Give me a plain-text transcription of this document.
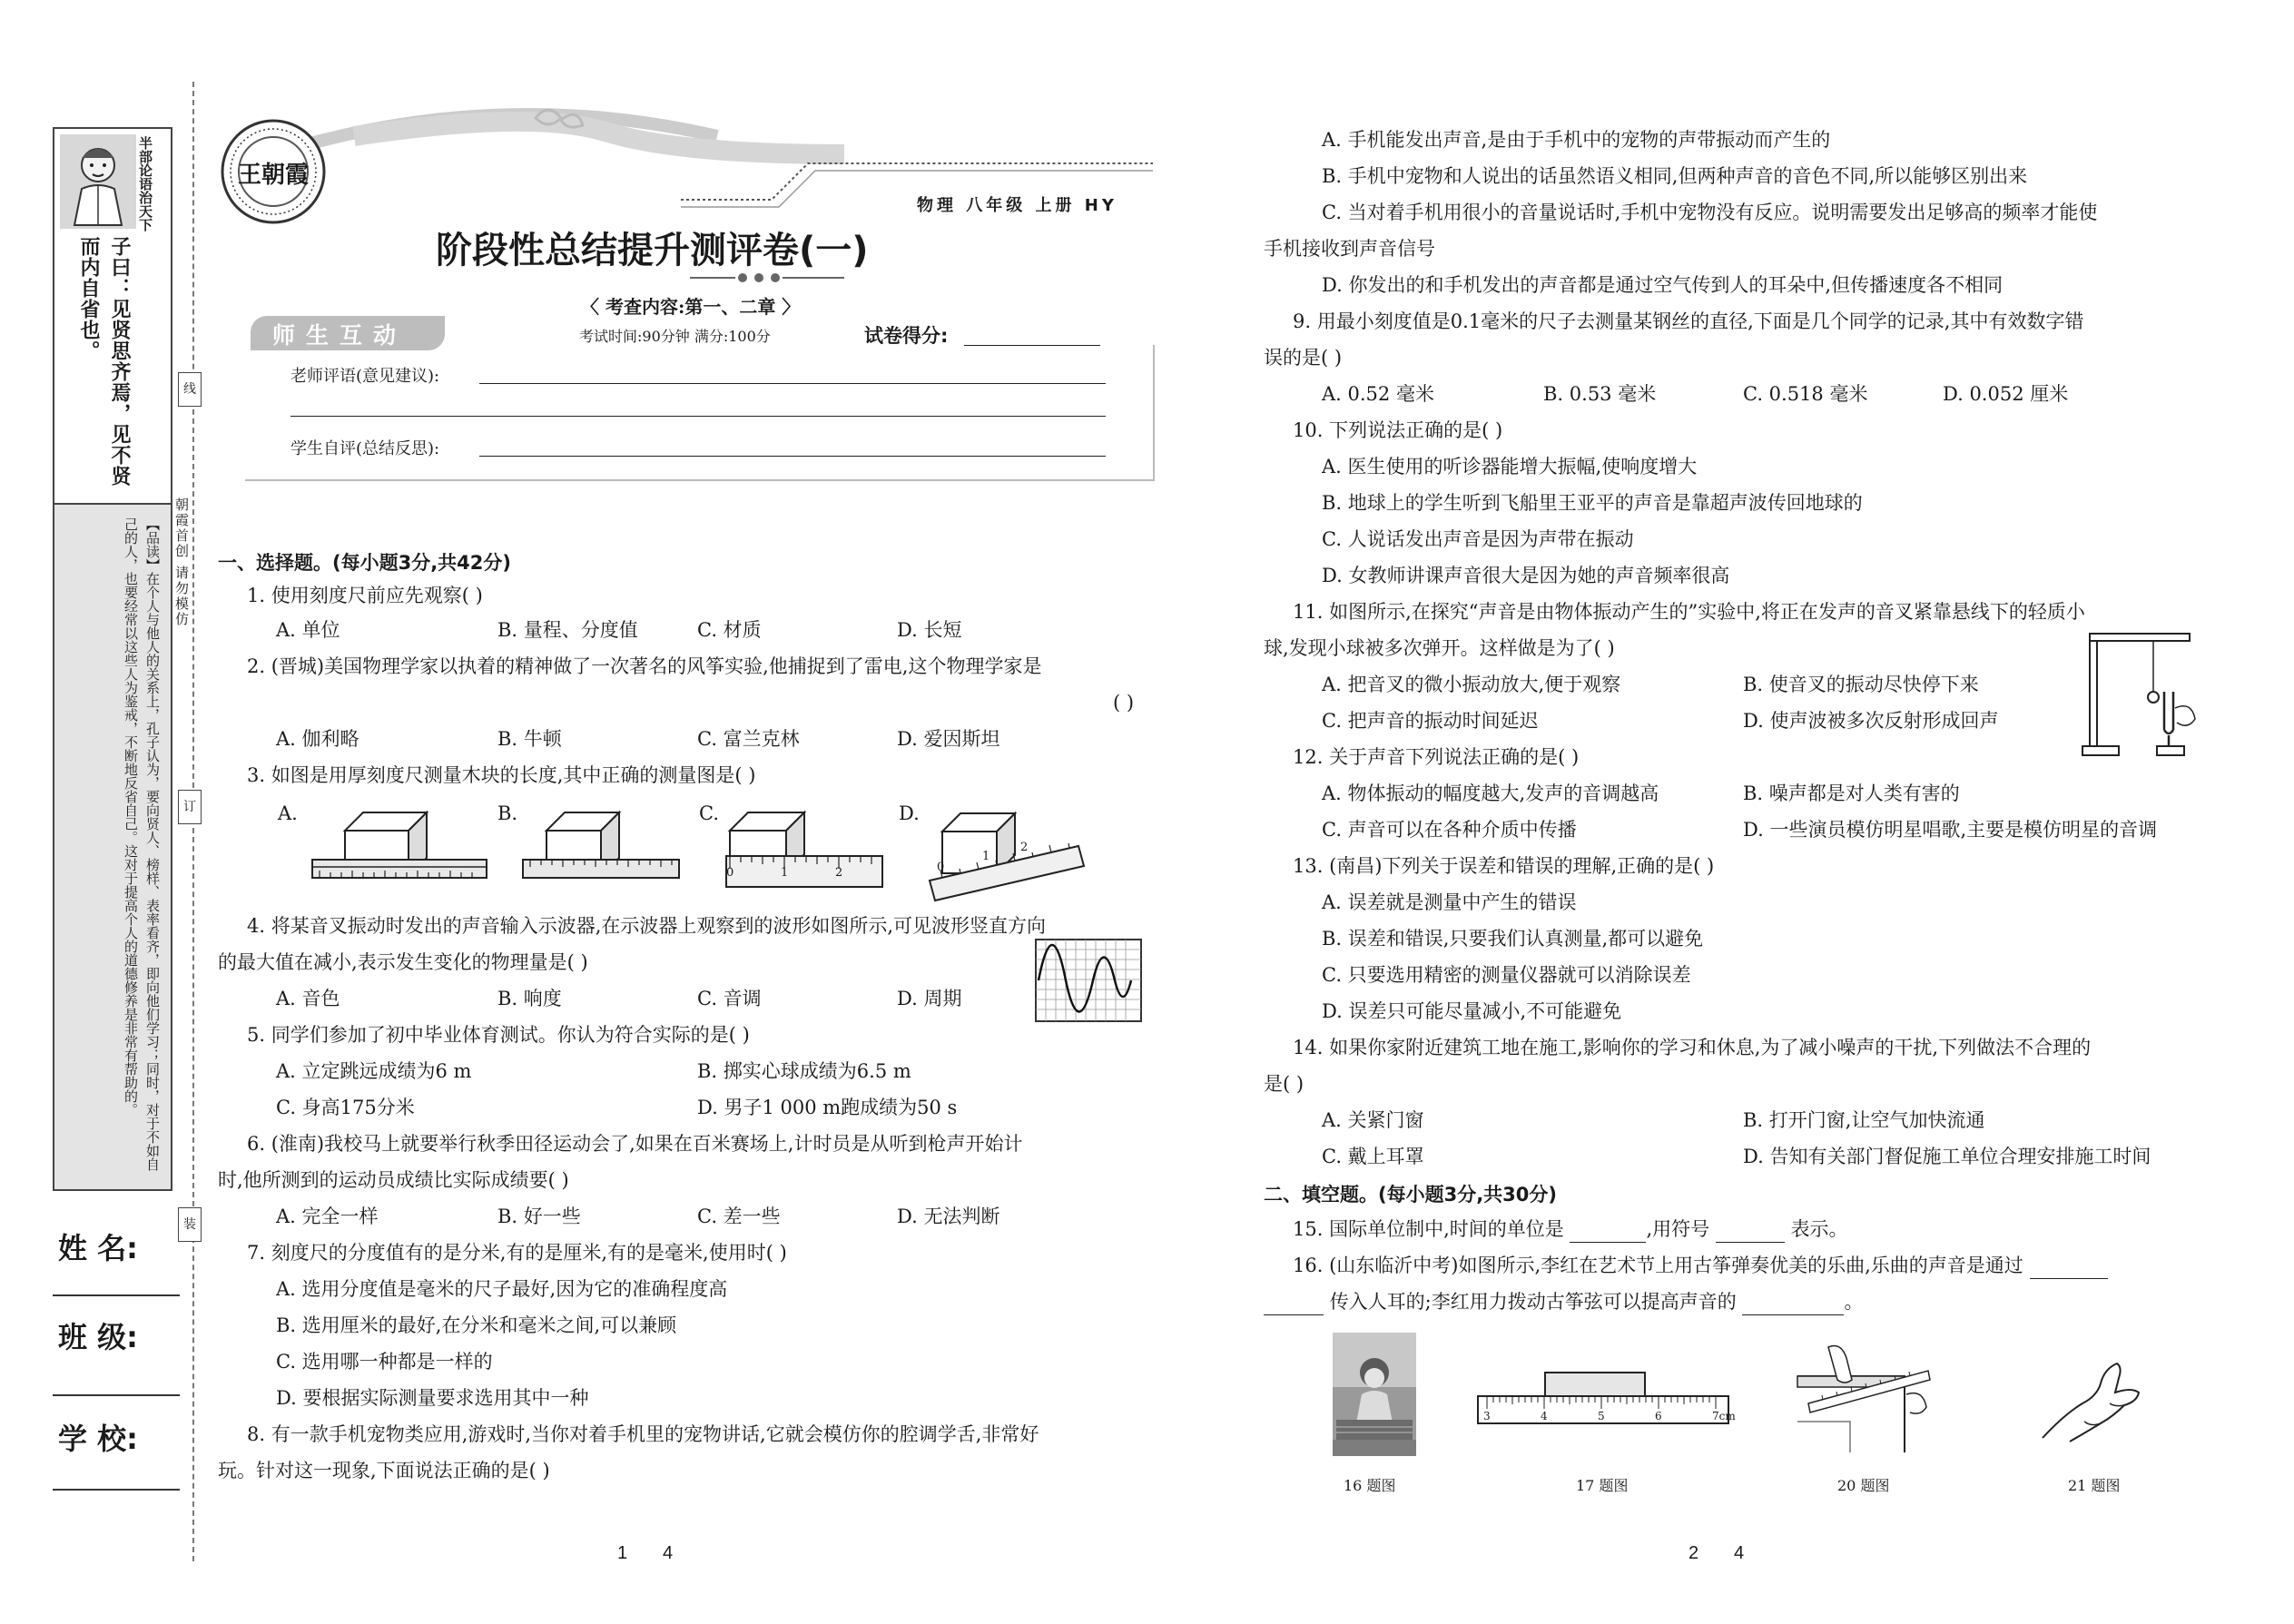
线
订
装
半部论语治天下
子曰：见贤思齐焉，见不贤而内自省也。
【品读】在个人与他人的关系上，孔子认为，要向贤人、榜样、表率看齐，即向他们学习；同时，对于不如自己的人，也要经常以这些人为鉴戒，不断地反省自己。这对于提高个人的道德修养是非常有帮助的。	朝霞首创 请勿模仿
姓 名:
班 级:
学 校:
王朝霞
物理 八年级 上册 HY
阶段性总结提升测评卷(一)
〈 考查内容:第一、二章 〉
考试时间:90分钟 满分:100分	试卷得分:
师生互动
老师评语(意见建议):
学生自评(总结反思):
一、选择题。(每小题3分,共42分)
1. 使用刻度尺前应先观察( )
A. 单位	B. 量程、分度值	C. 材质	D. 长短
2. (晋城)美国物理学家以执着的精神做了一次著名的风筝实验,他捕捉到了雷电,这个物理学家是
( )
A. 伽利略	B. 牛顿	C. 富兰克林	D. 爱因斯坦
3. 如图是用厚刻度尺测量木块的长度,其中正确的测量图是( )
A.	B.	C.	D.
0	1	2	0
1
2
4. 将某音叉振动时发出的声音输入示波器,在示波器上观察到的波形如图所示,可见波形竖直方向
的最大值在减小,表示发生变化的物理量是( )
A. 音色	B. 响度	C. 音调	D. 周期
5. 同学们参加了初中毕业体育测试。你认为符合实际的是( )
A. 立定跳远成绩为6 m	B. 掷实心球成绩为6.5 m
C. 身高175分米	D. 男子1 000 m跑成绩为50 s
6. (淮南)我校马上就要举行秋季田径运动会了,如果在百米赛场上,计时员是从听到枪声开始计
时,他所测到的运动员成绩比实际成绩要( )
A. 完全一样	B. 好一些	C. 差一些	D. 无法判断
7. 刻度尺的分度值有的是分米,有的是厘米,有的是毫米,使用时( )
A. 选用分度值是毫米的尺子最好,因为它的准确程度高
B. 选用厘米的最好,在分米和毫米之间,可以兼顾
C. 选用哪一种都是一样的
D. 要根据实际测量要求选用其中一种
8. 有一款手机宠物类应用,游戏时,当你对着手机里的宠物讲话,它就会模仿你的腔调学舌,非常好
玩。针对这一现象,下面说法正确的是( )
1       4
A. 手机能发出声音,是由于手机中的宠物的声带振动而产生的
B. 手机中宠物和人说出的话虽然语义相同,但两种声音的音色不同,所以能够区别出来
C. 当对着手机用很小的音量说话时,手机中宠物没有反应。说明需要发出足够高的频率才能使
手机接收到声音信号
D. 你发出的和手机发出的声音都是通过空气传到人的耳朵中,但传播速度各不相同
9. 用最小刻度值是0.1毫米的尺子去测量某钢丝的直径,下面是几个同学的记录,其中有效数字错
误的是( )
A. 0.52 毫米	B. 0.53 毫米	C. 0.518 毫米	D. 0.052 厘米
10. 下列说法正确的是( )
A. 医生使用的听诊器能增大振幅,使响度增大
B. 地球上的学生听到飞船里王亚平的声音是靠超声波传回地球的
C. 人说话发出声音是因为声带在振动
D. 女教师讲课声音很大是因为她的声音频率很高
11. 如图所示,在探究“声音是由物体振动产生的”实验中,将正在发声的音叉紧靠悬线下的轻质小
球,发现小球被多次弹开。这样做是为了( )
A. 把音叉的微小振动放大,便于观察	B. 使音叉的振动尽快停下来
C. 把声音的振动时间延迟	D. 使声波被多次反射形成回声
12. 关于声音下列说法正确的是( )
A. 物体振动的幅度越大,发声的音调越高	B. 噪声都是对人类有害的
C. 声音可以在各种介质中传播	D. 一些演员模仿明星唱歌,主要是模仿明星的音调
13. (南昌)下列关于误差和错误的理解,正确的是( )
A. 误差就是测量中产生的错误
B. 误差和错误,只要我们认真测量,都可以避免
C. 只要选用精密的测量仪器就可以消除误差
D. 误差只可能尽量减小,不可能避免
14. 如果你家附近建筑工地在施工,影响你的学习和休息,为了减小噪声的干扰,下列做法不合理的
是( )
A. 关紧门窗	B. 打开门窗,让空气加快流通
C. 戴上耳罩	D. 告知有关部门督促施工单位合理安排施工时间
二、填空题。(每小题3分,共30分)
15. 国际单位制中,时间的单位是	,用符号	表示。
16. (山东临沂中考)如图所示,李红在艺术节上用古筝弹奏优美的乐曲,乐曲的声音是通过
传入人耳的;李红用力拨动古筝弦可以提高声音的	。
3	4	5	6	7cm
16 题图	17 题图	20 题图	21 题图
2       4
